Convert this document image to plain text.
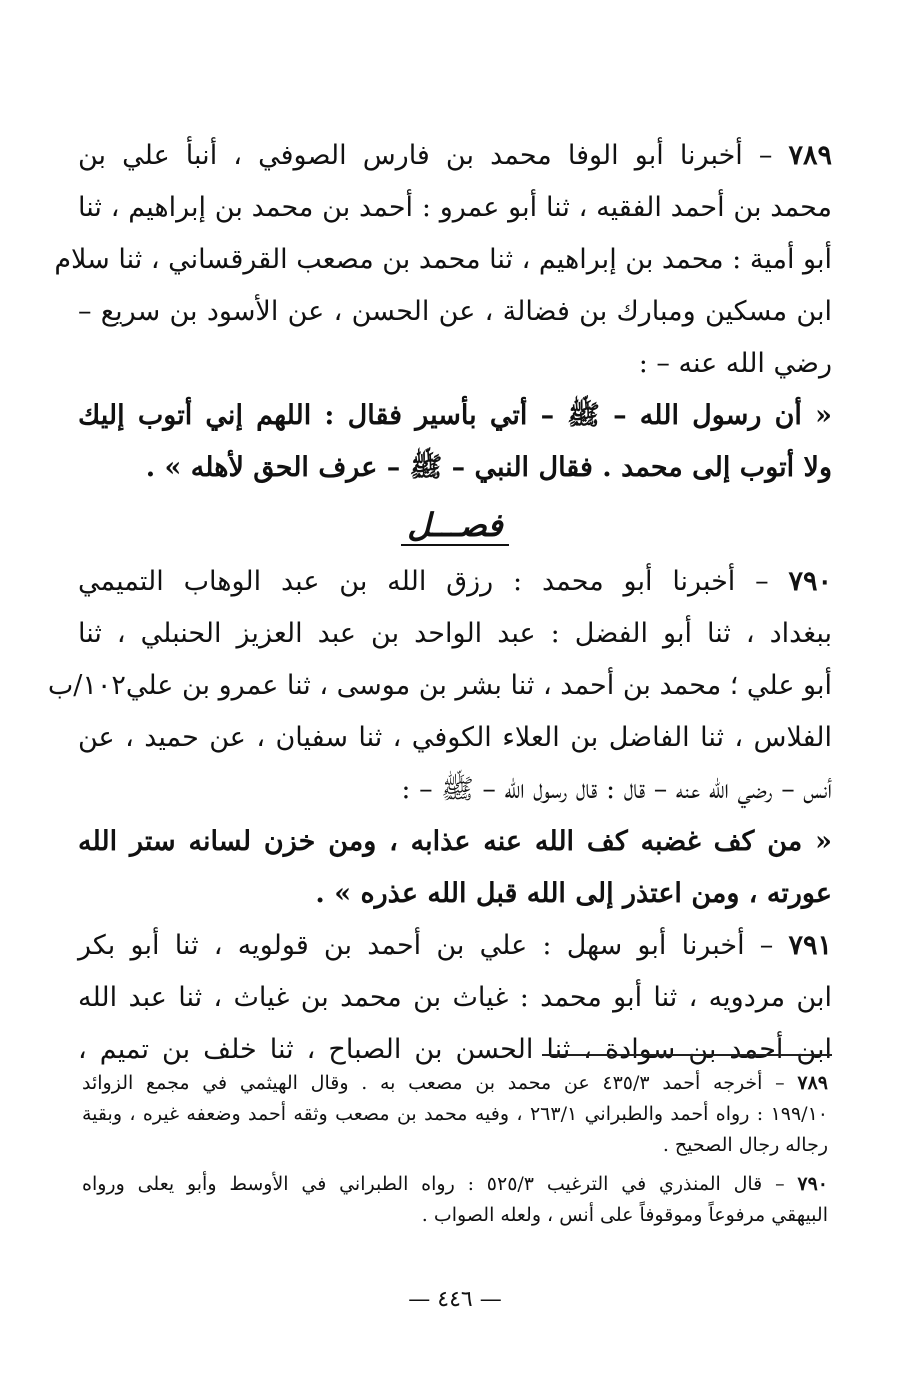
٧٨٩ – أخبرنا أبو الوفا محمد بن فارس الصوفي ، أنبأ علي بن
محمد بن أحمد الفقيه ، ثنا أبو عمرو : أحمد بن محمد بن إبراهيم ، ثنا
أبو أمية : محمد بن إبراهيم ، ثنا محمد بن مصعب القرقساني ، ثنا سلام
ابن مسكين ومبارك بن فضالة ، عن الحسن ، عن الأسود بن سريع –
رضي الله عنه – :
« أن رسول الله – ﷺ – أتي بأسير فقال : اللهم إني أتوب إليك
ولا أتوب إلى محمد . فقال النبي – ﷺ – عرف الحق لأهله » .
فصـــل
٧٩٠ – أخبرنا أبو محمد : رزق الله بن عبد الوهاب التميمي
ببغداد ، ثنا أبو الفضل : عبد الواحد بن عبد العزيز الحنبلي ، ثنا
أبو علي ؛ محمد بن أحمد ، ثنا بشر بن موسى ، ثنا عمرو بن علي١٠٢/ب
الفلاس ، ثنا الفاضل بن العلاء الكوفي ، ثنا سفيان ، عن حميد ، عن
أنس – رضي الله عنه – قال : قال رسول الله – ﷺ – :
« من كف غضبه كف الله عنه عذابه ، ومن خزن لسانه ستر الله
عورته ، ومن اعتذر إلى الله قبل الله عذره » .
٧٩١ – أخبرنا أبو سهل : علي بن أحمد بن قولويه ، ثنا أبو بكر
ابن مردويه ، ثنا أبو محمد : غياث بن محمد بن غياث ، ثنا عبد الله
ابن أحمد بن سوادة ، ثنا الحسن بن الصباح ، ثنا خلف بن تميم ،
٧٨٩ – أخرجه أحمد ٤٣٥/٣ عن محمد بن مصعب به . وقال الهيثمي في مجمع الزوائد
١٩٩/١٠ : رواه أحمد والطبراني ٢٦٣/١ ، وفيه محمد بن مصعب وثقه أحمد وضعفه غيره ، وبقية
رجاله رجال الصحيح .
٧٩٠ – قال المنذري في الترغيب ٥٢٥/٣ : رواه الطبراني في الأوسط وأبو يعلى ورواه
البيهقي مرفوعاً وموقوفاً على أنس ، ولعله الصواب .
— ٤٤٦ —
